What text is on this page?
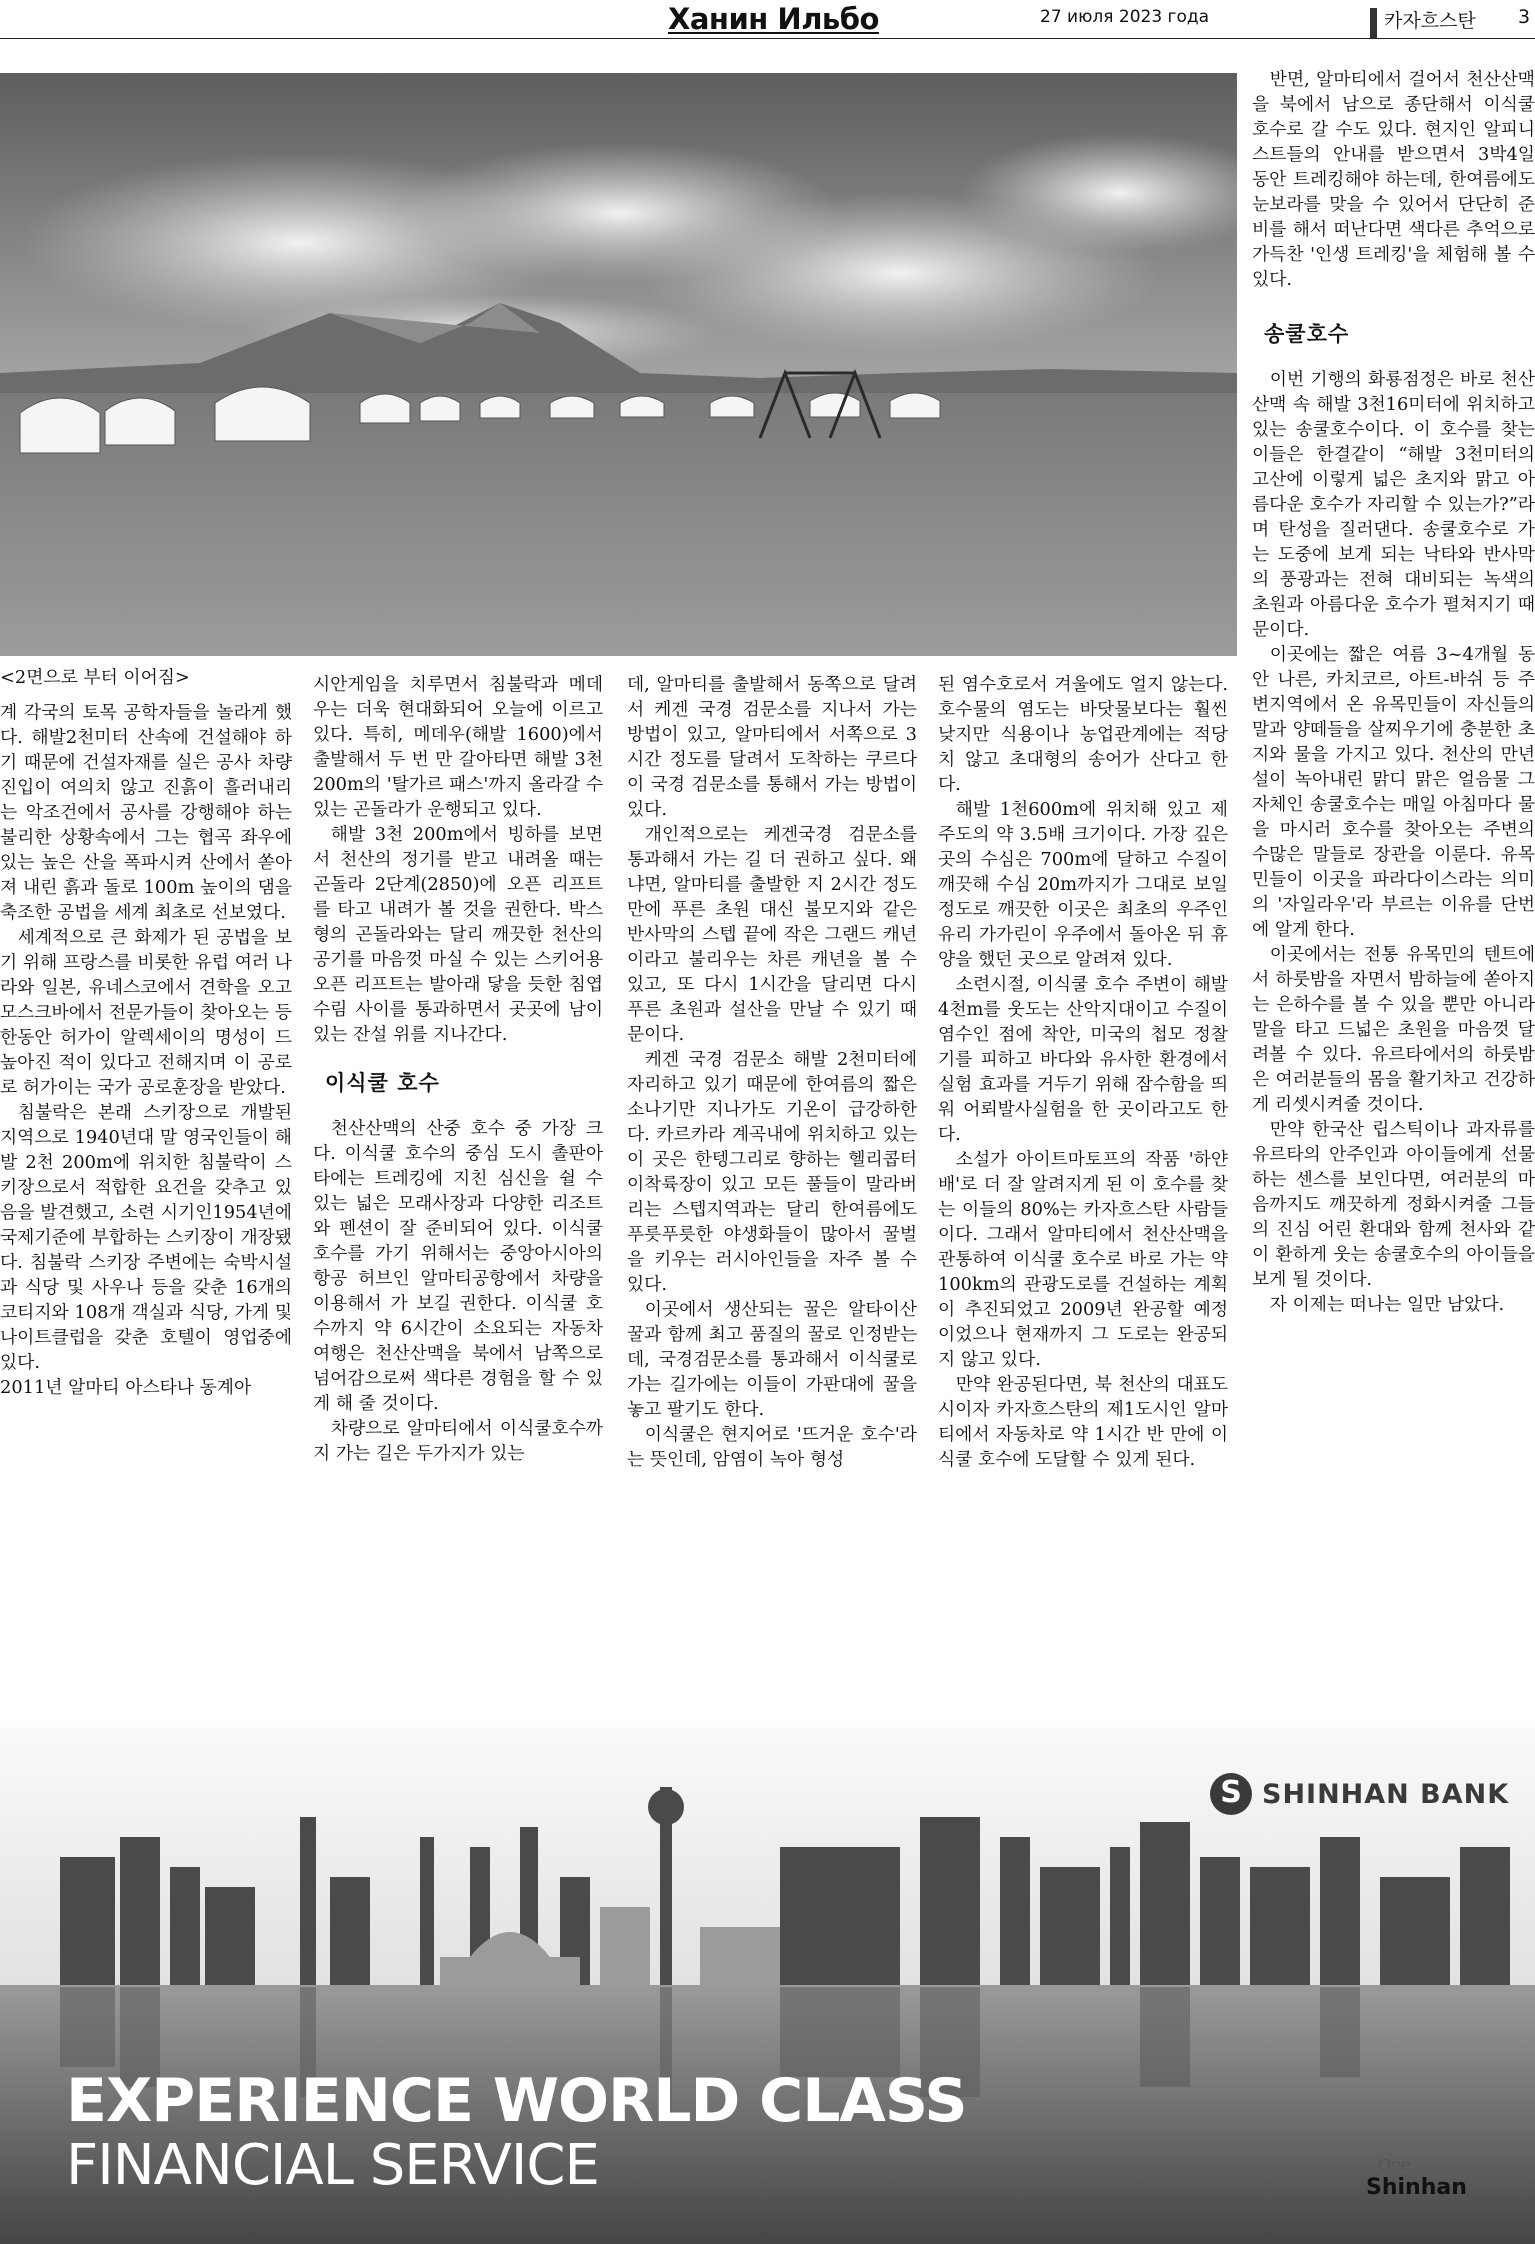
Ханин Ильбо	27 июля 2023 года	카자흐스탄 3

<2면으로 부터 이어짐>

계 각국의 토목 공학자들을 놀라게 했다. 해발2천미터 산속에 건설해야 하기 때문에 건설자재를 실은 공사 차량 진입이 여의치 않고 진흙이 흘러내리는 악조건에서 공사를 강행해야 하는 불리한 상황속에서 그는 협곡 좌우에 있는 높은 산을 폭파시켜 산에서 쏟아져 내린 흙과 돌로 100m 높이의 댐을 축조한 공법을 세계 최초로 선보였다.

세계적으로 큰 화제가 된 공법을 보기 위해 프랑스를 비롯한 유럽 여러 나라와 일본, 유네스코에서 견학을 오고 모스크바에서 전문가들이 찾아오는 등 한동안 허가이 알렉세이의 명성이 드높아진 적이 있다고 전해지며 이 공로로 허가이는 국가 공로훈장을 받았다.

침불락은 본래 스키장으로 개발된 지역으로 1940년대 말 영국인들이 해발 2천 200m에 위치한 침불락이 스키장으로서 적합한 요건을 갖추고 있음을 발견했고, 소련 시기인1954년에 국제기준에 부합하는 스키장이 개장됐다. 침불락 스키장 주변에는 숙박시설과 식당 및 사우나 등을 갖춘 16개의 코티지와 108개 객실과 식당, 가게 및 나이트클럽을 갖춘 호텔이 영업중에 있다.

2011년 알마티 아스타나 동계아

시안게임을 치루면서 침불락과 메데우는 더욱 현대화되어 오늘에 이르고 있다. 특히, 메데우(해발 1600)에서 출발해서 두 번 만 갈아타면 해발 3천200m의 '탈가르 패스'까지 올라갈 수 있는 곤돌라가 운행되고 있다.

해발 3천 200m에서 빙하를 보면서 천산의 정기를 받고 내려올 때는 곤돌라 2단계(2850)에 오픈 리프트를 타고 내려가 볼 것을 권한다. 박스형의 곤돌라와는 달리 깨끗한 천산의 공기를 마음껏 마실 수 있는 스키어용 오픈 리프트는 발아래 닿을 듯한 침엽수림 사이를 통과하면서 곳곳에 남이 있는 잔설 위를 지나간다.

이식쿨 호수

천산산맥의 산중 호수 중 가장 크다. 이식쿨 호수의 중심 도시 촐판아타에는 트레킹에 지친 심신을 쉴 수 있는 넓은 모래사장과 다양한 리조트와 펜션이 잘 준비되어 있다. 이식쿨 호수를 가기 위해서는 중앙아시아의 항공 허브인 알마티공항에서 차량을 이용해서 가 보길 권한다. 이식쿨 호수까지 약 6시간이 소요되는 자동차 여행은 천산산맥을 북에서 남쪽으로 넘어감으로써 색다른 경험을 할 수 있게 해 줄 것이다.

차량으로 알마티에서 이식쿨호수까지 가는 길은 두가지가 있는

데, 알마티를 출발해서 동쪽으로 달려서 케겐 국경 검문소를 지나서 가는 방법이 있고, 알마티에서 서쪽으로 3시간 정도를 달려서 도착하는 쿠르다이 국경 검문소를 통해서 가는 방법이 있다.

개인적으로는 케겐국경 검문소를 통과해서 가는 길 더 권하고 싶다. 왜냐면, 알마티를 출발한 지 2시간 정도 만에 푸른 초원 대신 불모지와 같은 반사막의 스텝 끝에 작은 그랜드 캐년이라고 불리우는 차른 캐년을 볼 수 있고, 또 다시 1시간을 달리면 다시 푸른 초원과 설산을 만날 수 있기 때문이다.

케겐 국경 검문소 해발 2천미터에 자리하고 있기 때문에 한여름의 짧은 소나기만 지나가도 기온이 급강하한다. 카르카라 계곡내에 위치하고 있는 이 곳은 한텡그리로 향하는 헬리콥터 이착륙장이 있고 모든 풀들이 말라버리는 스텝지역과는 달리 한여름에도 푸릇푸릇한 야생화들이 많아서 꿀벌을 키우는 러시아인들을 자주 볼 수 있다.

이곳에서 생산되는 꿀은 알타이산 꿀과 함께 최고 품질의 꿀로 인정받는데, 국경검문소를 통과해서 이식쿨로 가는 길가에는 이들이 가판대에 꿀을 놓고 팔기도 한다.

이식쿨은 현지어로 '뜨거운 호수'라는 뜻인데, 암염이 녹아 형성

된 염수호로서 겨울에도 얼지 않는다. 호수물의 염도는 바닷물보다는 훨씬 낮지만 식용이나 농업관계에는 적당치 않고 초대형의 송어가 산다고 한다.

해발 1천600m에 위치해 있고 제주도의 약 3.5배 크기이다. 가장 깊은 곳의 수심은 700m에 달하고 수질이 깨끗해 수심 20m까지가 그대로 보일 정도로 깨끗한 이곳은 최초의 우주인 유리 가가린이 우주에서 돌아온 뒤 휴양을 했던 곳으로 알려져 있다.

소련시절, 이식쿨 호수 주변이 해발 4천m를 웃도는 산악지대이고 수질이 염수인 점에 착안, 미국의 첩모 정찰기를 피하고 바다와 유사한 환경에서 실험 효과를 거두기 위해 잠수함을 띄워 어뢰발사실험을 한 곳이라고도 한다.

소설가 아이트마토프의 작품 '하얀배'로 더 잘 알려지게 된 이 호수를 찾는 이들의 80%는 카자흐스탄 사람들이다. 그래서 알마티에서 천산산맥을 관통하여 이식쿨 호수로 바로 가는 약 100km의 관광도로를 건설하는 계획이 추진되었고 2009년 완공할 예정이었으나 현재까지 그 도로는 완공되지 않고 있다.

만약 완공된다면, 북 천산의 대표도시이자 카자흐스탄의 제1도시인 알마티에서 자동차로 약 1시간 반 만에 이식쿨 호수에 도달할 수 있게 된다.

반면, 알마티에서 걸어서 천산산맥을 북에서 남으로 종단해서 이식쿨 호수로 갈 수도 있다. 현지인 알피니스트들의 안내를 받으면서 3박4일 동안 트레킹해야 하는데, 한여름에도 눈보라를 맞을 수 있어서 단단히 준비를 해서 떠난다면 색다른 추억으로 가득찬 '인생 트레킹'을 체험해 볼 수 있다.

송쿨호수

이번 기행의 화룡점정은 바로 천산산맥 속 해발 3천16미터에 위치하고 있는 송쿨호수이다. 이 호수를 찾는 이들은 한결같이 “해발 3천미터의 고산에 이렇게 넓은 초지와 맑고 아름다운 호수가 자리할 수 있는가?”라며 탄성을 질러댄다. 송쿨호수로 가는 도중에 보게 되는 낙타와 반사막의 풍광과는 전혀 대비되는 녹색의 초원과 아름다운 호수가 펼쳐지기 때문이다.

이곳에는 짧은 여름 3~4개월 동안 나른, 카치코르, 아트-바쉬 등 주변지역에서 온 유목민들이 자신들의 말과 양떼들을 살찌우기에 충분한 초지와 물을 가지고 있다. 천산의 만년설이 녹아내린 맑디 맑은 얼음물 그 자체인 송쿨호수는 매일 아침마다 물을 마시러 호수를 찾아오는 주변의 수많은 말들로 장관을 이룬다. 유목민들이 이곳을 파라다이스라는 의미의 '자일라우'라 부르는 이유를 단번에 알게 한다.

이곳에서는 전통 유목민의 텐트에서 하룻밤을 자면서 밤하늘에 쏟아지는 은하수를 볼 수 있을 뿐만 아니라 말을 타고 드넓은 초원을 마음껏 달려볼 수 있다. 유르타에서의 하룻밤은 여러분들의 몸을 활기차고 건강하게 리셋시켜줄 것이다.

만약 한국산 립스틱이나 과자류를 유르타의 안주인과 아이들에게 선물하는 센스를 보인다면, 여러분의 마음까지도 깨끗하게 정화시켜줄 그들의 진심 어린 환대와 함께 천사와 같이 환하게 웃는 송쿨호수의 아이들을 보게 될 것이다.

자 이제는 떠나는 일만 남았다.

S SHINHAN BANK
EXPERIENCE WORLD CLASS
FINANCIAL SERVICE	One
Shinhan
